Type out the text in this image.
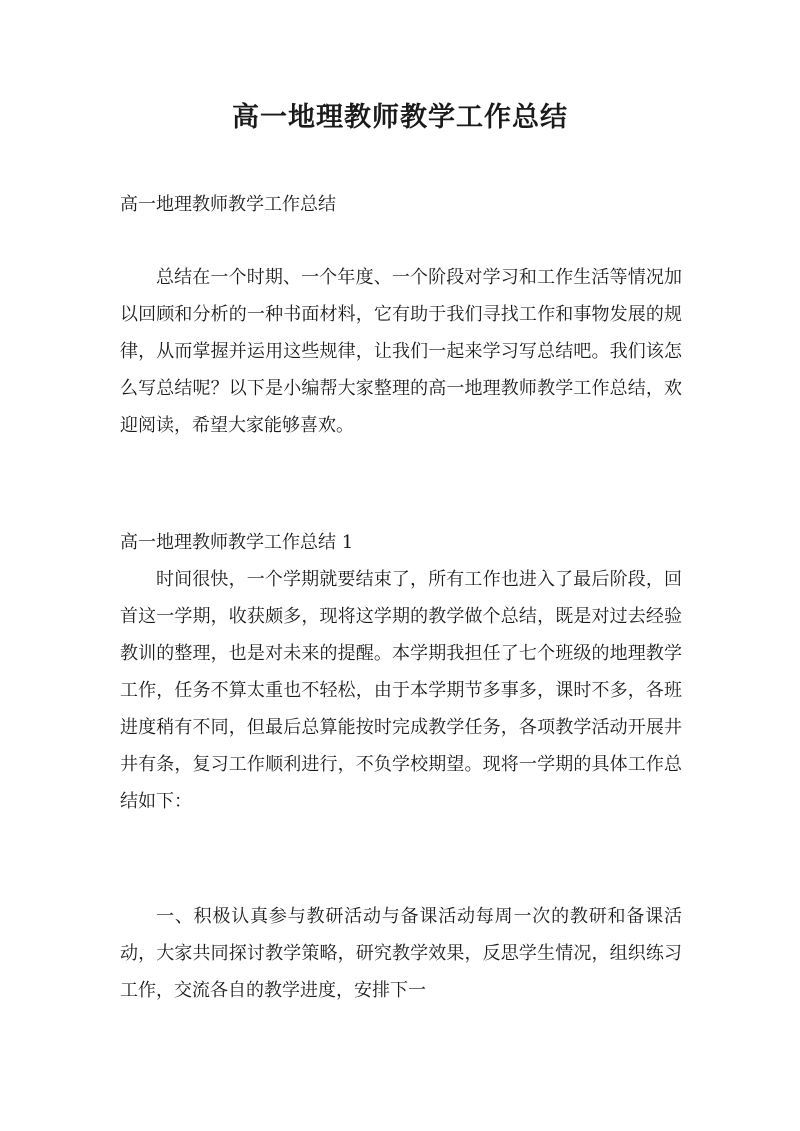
高一地理教师教学工作总结

高一地理教师教学工作总结

总结在一个时期、一个年度、一个阶段对学习和工作生活等情况加以回顾和分析的一种书面材料，它有助于我们寻找工作和事物发展的规律，从而掌握并运用这些规律，让我们一起来学习写总结吧。我们该怎么写总结呢？以下是小编帮大家整理的高一地理教师教学工作总结，欢迎阅读，希望大家能够喜欢。

高一地理教师教学工作总结 1

时间很快，一个学期就要结束了，所有工作也进入了最后阶段，回首这一学期，收获颇多，现将这学期的教学做个总结，既是对过去经验教训的整理，也是对未来的提醒。本学期我担任了七个班级的地理教学工作，任务不算太重也不轻松，由于本学期节多事多，课时不多，各班进度稍有不同，但最后总算能按时完成教学任务，各项教学活动开展井井有条，复习工作顺利进行，不负学校期望。现将一学期的具体工作总结如下：

一、积极认真参与教研活动与备课活动每周一次的教研和备课活动，大家共同探讨教学策略，研究教学效果，反思学生情况，组织练习工作，交流各自的教学进度，安排下一
